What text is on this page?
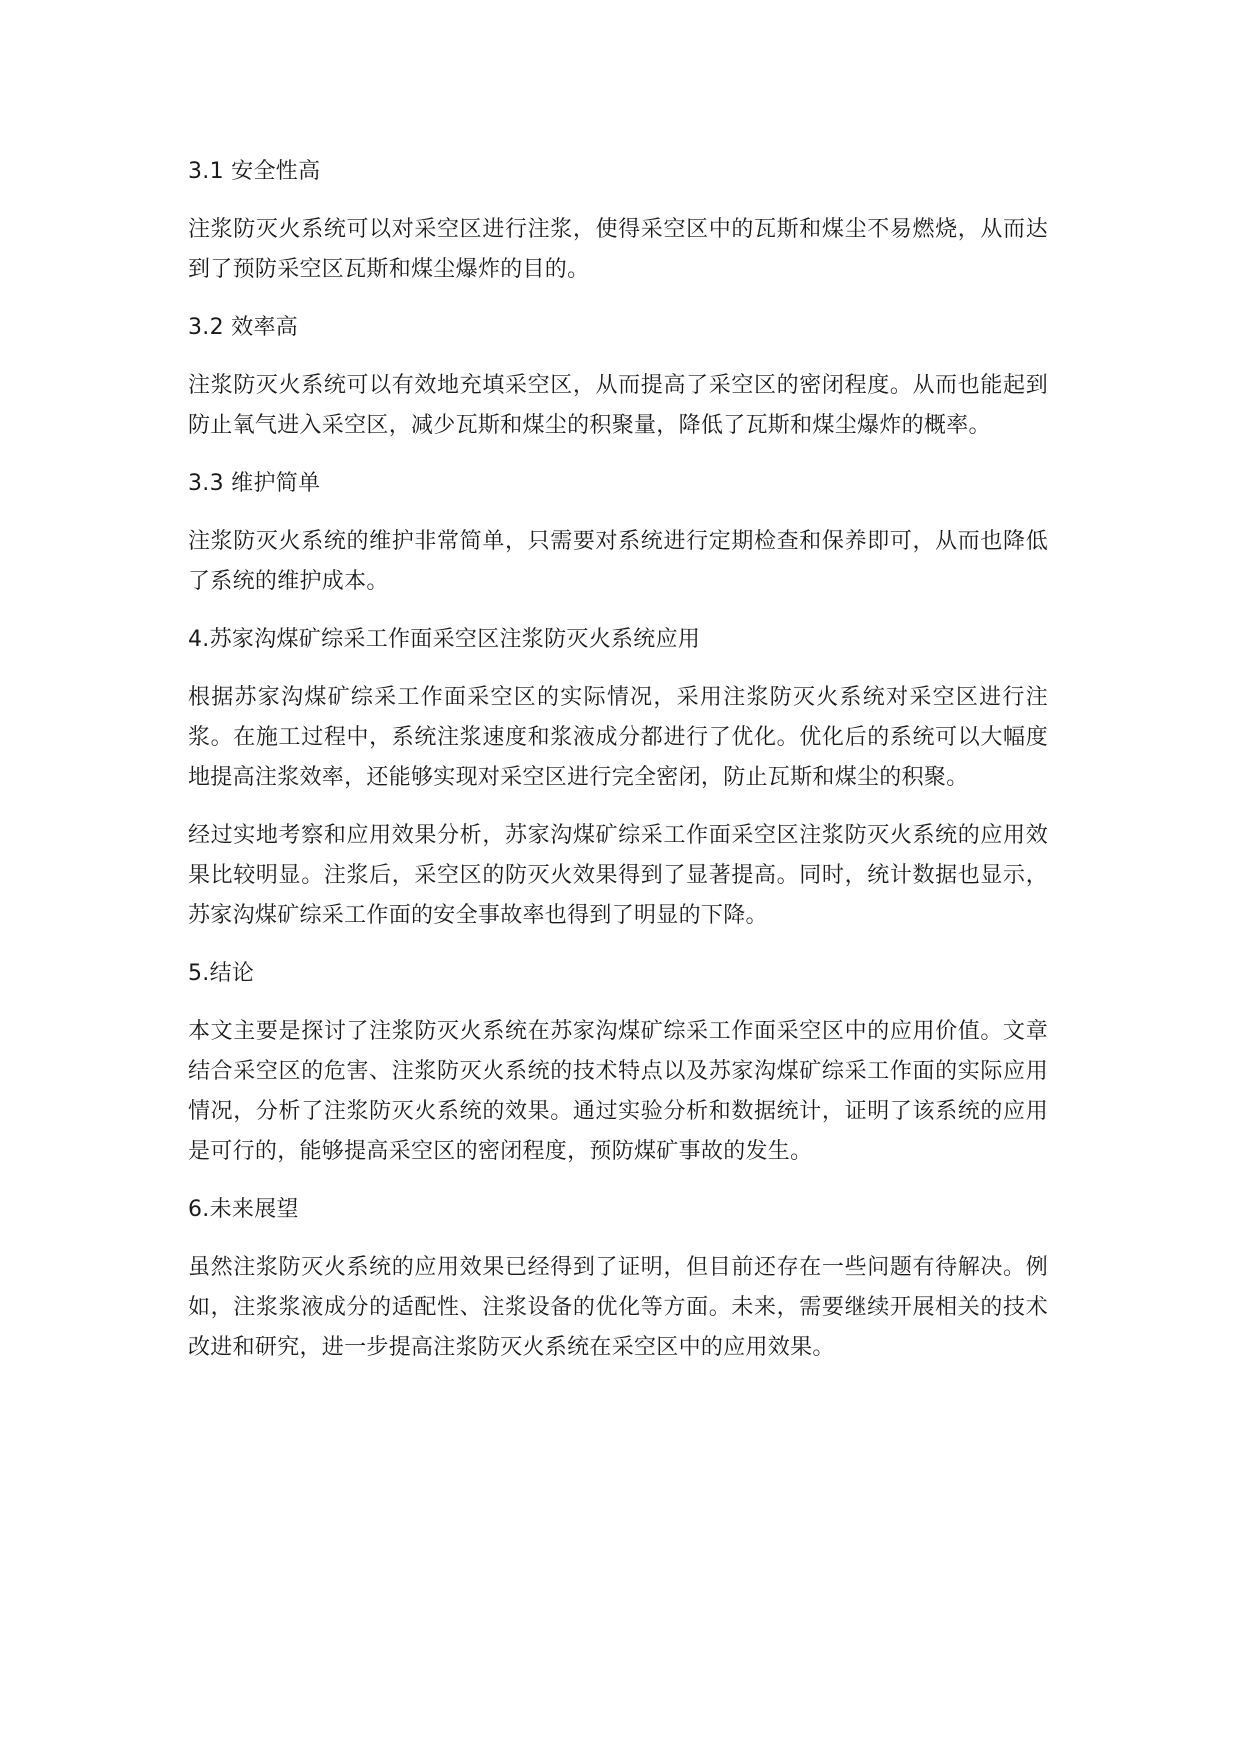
3.1 安全性高

注浆防灭火系统可以对采空区进行注浆，使得采空区中的瓦斯和煤尘不易燃烧，从而达到了预防采空区瓦斯和煤尘爆炸的目的。

3.2 效率高

注浆防灭火系统可以有效地充填采空区，从而提高了采空区的密闭程度。从而也能起到防止氧气进入采空区，减少瓦斯和煤尘的积聚量，降低了瓦斯和煤尘爆炸的概率。

3.3 维护简单

注浆防灭火系统的维护非常简单，只需要对系统进行定期检查和保养即可，从而也降低了系统的维护成本。

4.苏家沟煤矿综采工作面采空区注浆防灭火系统应用

根据苏家沟煤矿综采工作面采空区的实际情况，采用注浆防灭火系统对采空区进行注浆。在施工过程中，系统注浆速度和浆液成分都进行了优化。优化后的系统可以大幅度地提高注浆效率，还能够实现对采空区进行完全密闭，防止瓦斯和煤尘的积聚。

经过实地考察和应用效果分析，苏家沟煤矿综采工作面采空区注浆防灭火系统的应用效果比较明显。注浆后，采空区的防灭火效果得到了显著提高。同时，统计数据也显示，苏家沟煤矿综采工作面的安全事故率也得到了明显的下降。

5.结论

本文主要是探讨了注浆防灭火系统在苏家沟煤矿综采工作面采空区中的应用价值。文章结合采空区的危害、注浆防灭火系统的技术特点以及苏家沟煤矿综采工作面的实际应用情况，分析了注浆防灭火系统的效果。通过实验分析和数据统计，证明了该系统的应用是可行的，能够提高采空区的密闭程度，预防煤矿事故的发生。

6.未来展望

虽然注浆防灭火系统的应用效果已经得到了证明，但目前还存在一些问题有待解决。例如，注浆浆液成分的适配性、注浆设备的优化等方面。未来，需要继续开展相关的技术改进和研究，进一步提高注浆防灭火系统在采空区中的应用效果。
